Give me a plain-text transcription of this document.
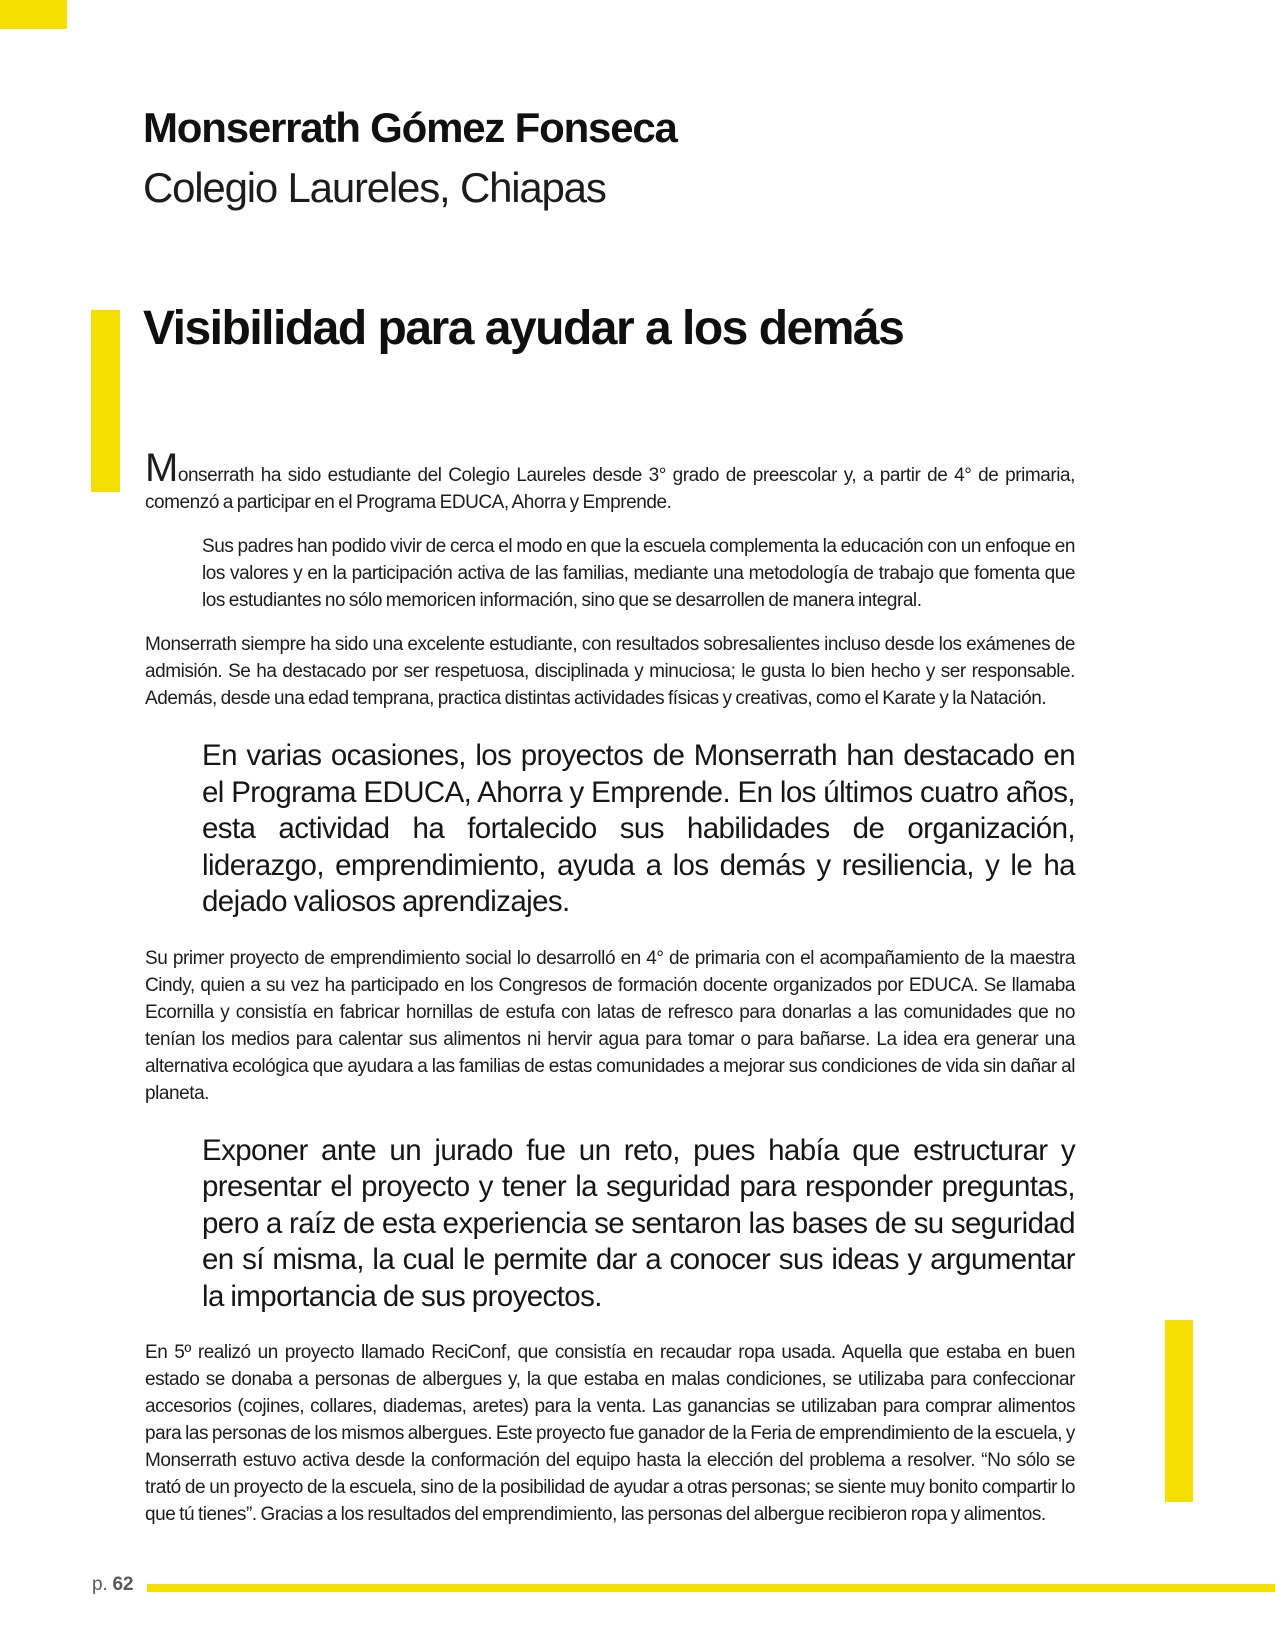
Monserrath Gómez Fonseca
Colegio Laureles, Chiapas
Visibilidad para ayudar a los demás

Monserrath ha sido estudiante del Colegio Laureles desde 3° grado de preescolar y, a partir de 4° de primaria, comenzó a participar en el Programa EDUCA, Ahorra y Emprende.

Sus padres han podido vivir de cerca el modo en que la escuela complementa la educación con un enfoque en los valores y en la participación activa de las familias, mediante una metodología de trabajo que fomenta que los estudiantes no sólo memoricen información, sino que se desarrollen de manera integral.

Monserrath siempre ha sido una excelente estudiante, con resultados sobresalientes incluso desde los exámenes de admisión. Se ha destacado por ser respetuosa, disciplinada y minuciosa; le gusta lo bien hecho y ser responsable. Además, desde una edad temprana, practica distintas actividades físicas y creativas, como el Karate y la Natación.

En varias ocasiones, los proyectos de Monserrath han destacado en el Programa EDUCA, Ahorra y Emprende. En los últimos cuatro años, esta actividad ha fortalecido sus habilidades de organización, liderazgo, emprendimiento, ayuda a los demás y resiliencia, y le ha dejado valiosos aprendizajes.

Su primer proyecto de emprendimiento social lo desarrolló en 4° de primaria con el acompañamiento de la maestra Cindy, quien a su vez ha participado en los Congresos de formación docente organizados por EDUCA. Se llamaba Ecornilla y consistía en fabricar hornillas de estufa con latas de refresco para donarlas a las comunidades que no tenían los medios para calentar sus alimentos ni hervir agua para tomar o para bañarse. La idea era generar una alternativa ecológica que ayudara a las familias de estas comunidades a mejorar sus condiciones de vida sin dañar al planeta.

Exponer ante un jurado fue un reto, pues había que estructurar y presentar el proyecto y tener la seguridad para responder preguntas, pero a raíz de esta experiencia se sentaron las bases de su seguridad en sí misma, la cual le permite dar a conocer sus ideas y argumentar la importancia de sus proyectos.

En 5º realizó un proyecto llamado ReciConf, que consistía en recaudar ropa usada. Aquella que estaba en buen estado se donaba a personas de albergues y, la que estaba en malas condiciones, se utilizaba para confeccionar accesorios (cojines, collares, diademas, aretes) para la venta. Las ganancias se utilizaban para comprar alimentos para las personas de los mismos albergues. Este proyecto fue ganador de la Feria de emprendimiento de la escuela, y Monserrath estuvo activa desde la conformación del equipo hasta la elección del problema a resolver. “No sólo se trató de un proyecto de la escuela, sino de la posibilidad de ayudar a otras personas; se siente muy bonito compartir lo que tú tienes”. Gracias a los resultados del emprendimiento, las personas del albergue recibieron ropa y alimentos.

p. 62
